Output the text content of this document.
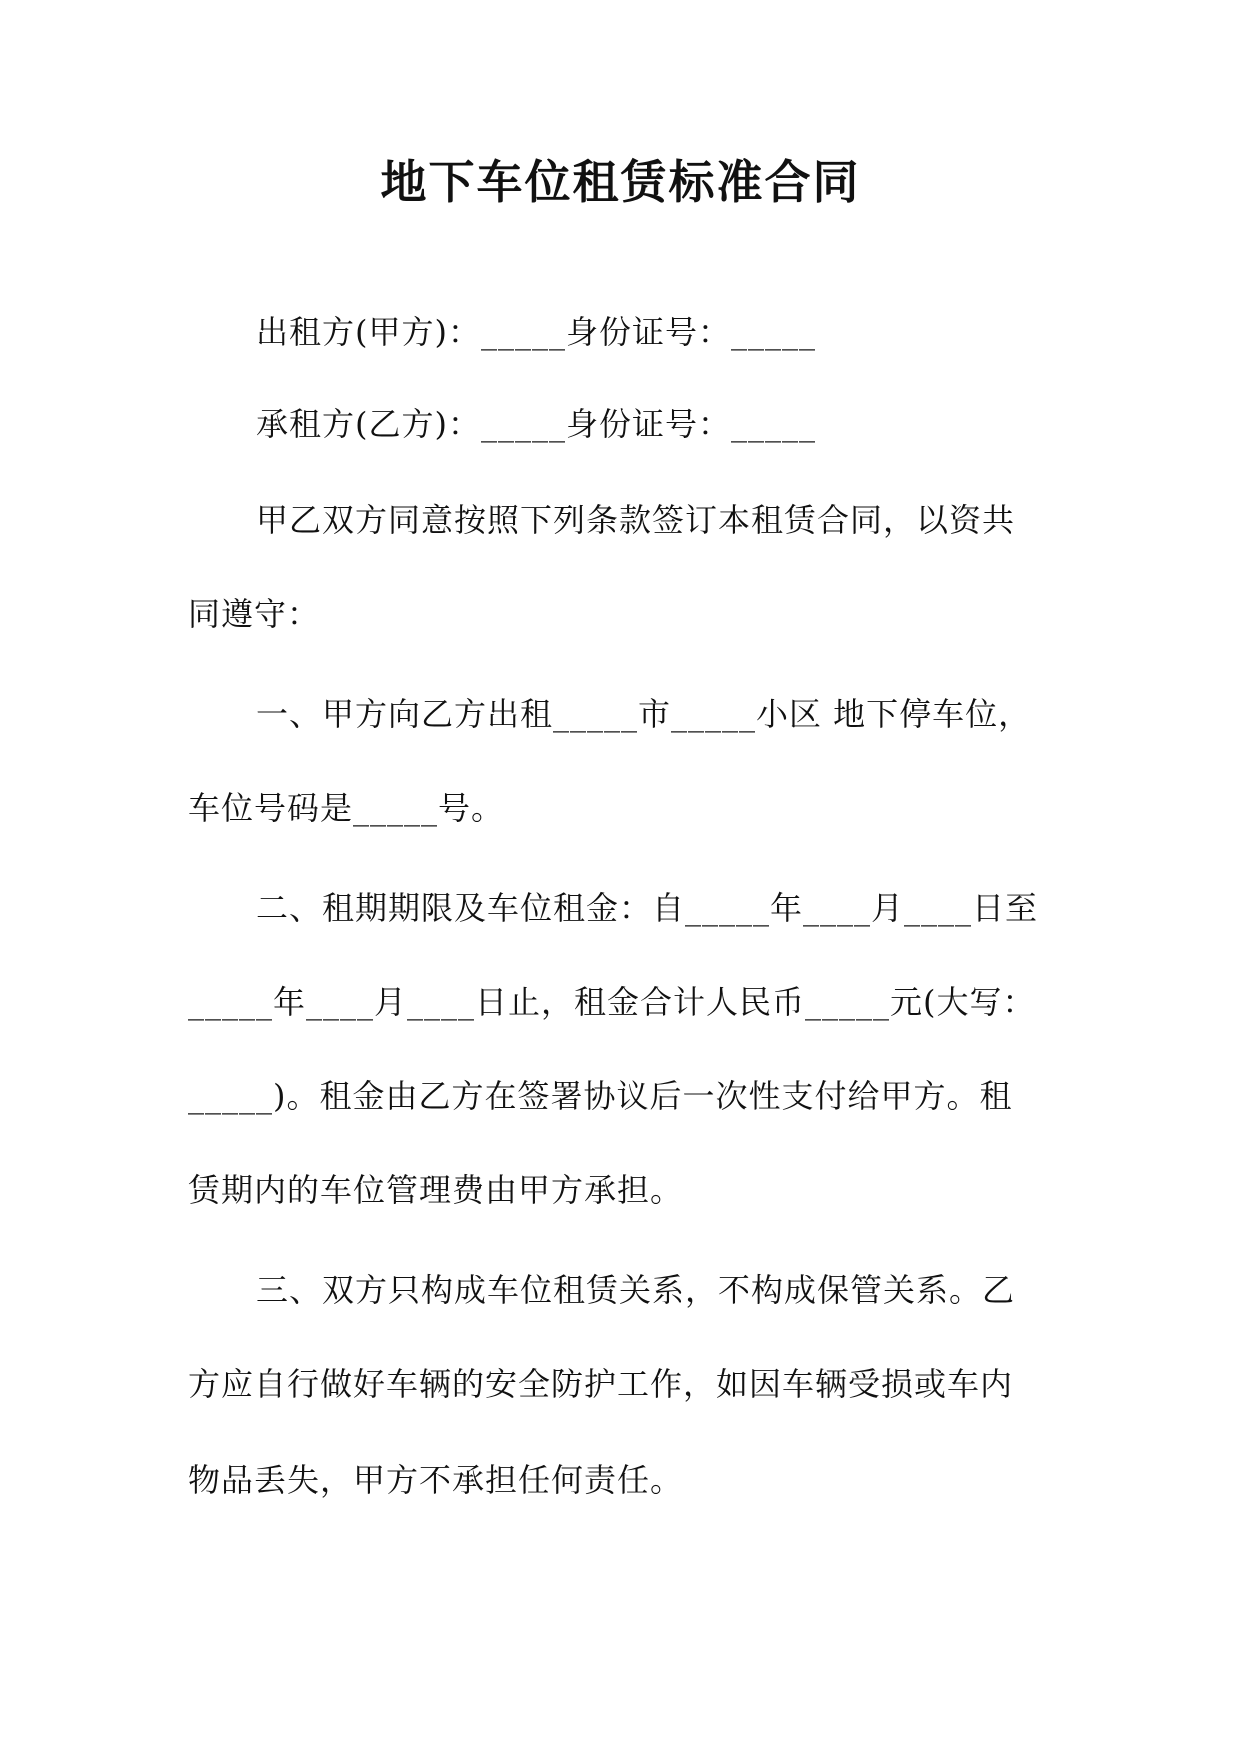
地下车位租赁标准合同
出租方(甲方)：_____身份证号：_____
承租方(乙方)：_____身份证号：_____
甲乙双方同意按照下列条款签订本租赁合同，以资共
同遵守：
一、甲方向乙方出租_____市_____小区 地下停车位，
车位号码是_____号。
二、租期期限及车位租金：自_____年____月____日至
_____年____月____日止，租金合计人民币_____元(大写：
_____)。租金由乙方在签署协议后一次性支付给甲方。租
赁期内的车位管理费由甲方承担。
三、双方只构成车位租赁关系，不构成保管关系。乙
方应自行做好车辆的安全防护工作，如因车辆受损或车内
物品丢失，甲方不承担任何责任。
